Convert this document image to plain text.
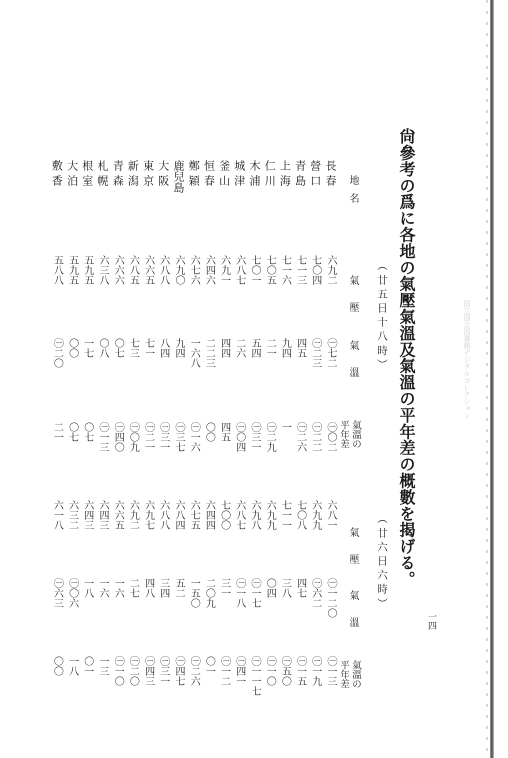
国立国会図書館デジタルコレクション
尙參考の爲に各地の氣壓氣溫及氣溫の平年差の概數を揭げる。
（廿五日十八時）
（廿六日六時）
一四
地名
氣壓
氣溫
氣溫の
平年差
氣壓
氣溫
氣溫の
平年差
長春
六九二
㊀七二
㊀〇二
六八一
㊀一二〇
㊀一三
營口
七〇四
㊀二三
㊀二二
六九九
㊀六二
㊀一九
青島
七一三
四五
㊀二六
七〇八
四七
㊀一五
上海
七一六
九四
一
七一一
三八
㊀五〇
仁川
七〇五
二一
㊀二九
六九九
〇四
㊀一〇
木浦
七〇一
五四
㊀三一
六九八
㊀一七
㊀一一七
城津
六八七
二六
㊀〇四
六八七
㊀一八
㊀四一
釜山
六九一
四四
四五
七〇〇
三一
㊀一二
恒春
六四六
二二三
〇〇
六四四
二〇九
〇一
鄭穎
六七六
一六八
㊀一六
六七五
一五〇
㊀二六
鹿兒島
六九〇
九四
㊀三七
六八四
五二
㊀四七
大阪
六八八
八四
㊀三一
六八八
三四
㊀三一
東京
六六五
七一
㊀二一
六九七
四八
㊀四三
新潟
六八五
七三
㊀〇九
六九二
二七
㊀二〇
青森
六六六
〇七
㊀四〇
六六五
一六
㊀一〇
札幌
六三八
〇八
㊀一三
六四三
一六
一三
根室
五九五
一七
〇七
六四三
一八
〇一
大泊
五九五
〇〇
〇七
六三二
㊀〇六
一八
敷香
五八八
㊀二〇
二一
六一八
㊀六三
〇〇
